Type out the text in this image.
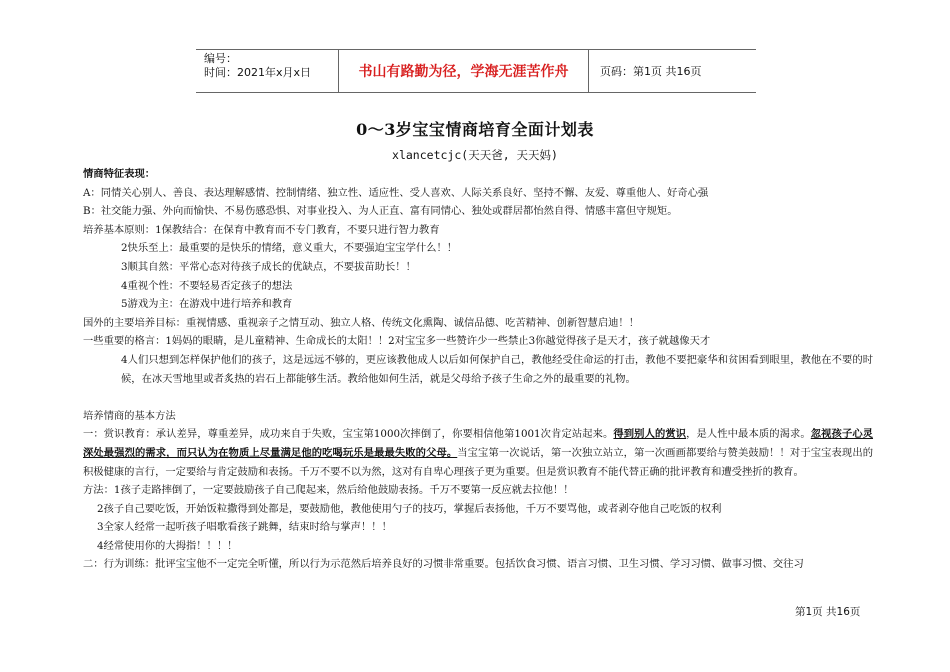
编号：
时间：2021年x月x日	书山有路勤为径，学海无涯苦作舟	页码：第1页 共16页
0～3岁宝宝情商培育全面计划表
xlancetcjc(天天爸, 天天妈)

情商特征表现：

A：同情关心别人、善良、表达理解感情、控制情绪、独立性、适应性、受人喜欢、人际关系良好、坚持不懈、友爱、尊重他人、好奇心强

B：社交能力强、外向而愉快、不易伤感恐惧、对事业投入、为人正直、富有同情心、独处或群居都怡然自得、情感丰富但守规矩。

培养基本原则：1保教结合：在保育中教育而不专门教育，不要只进行智力教育

2快乐至上：最重要的是快乐的情绪，意义重大，不要强迫宝宝学什么！！

3顺其自然：平常心态对待孩子成长的优缺点，不要拔苗助长！！

4重视个性：不要轻易否定孩子的想法

5游戏为主：在游戏中进行培养和教育

国外的主要培养目标：重视情感、重视亲子之情互动、独立人格、传统文化熏陶、诚信品德、吃苦精神、创新智慧启迪！！

一些重要的格言：1妈妈的眼睛，是儿童精神、生命成长的太阳！！2对宝宝多一些赞许少一些禁止3你越觉得孩子是天才，孩子就越像天才

4人们只想到怎样保护他们的孩子，这是远远不够的，更应该教他成人以后如何保护自己，教他经受住命运的打击，教他不要把豪华和贫困看到眼里，教他在不要的时候，在冰天雪地里或者炙热的岩石上都能够生活。教给他如何生活，就是父母给予孩子生命之外的最重要的礼物。

培养情商的基本方法

一：赏识教育：承认差异，尊重差异，成功来自于失败，宝宝第1000次摔倒了，你要相信他第1001次肯定站起来。得到别人的赏识，是人性中最本质的渴求。忽视孩子心灵深处最强烈的需求，而只认为在物质上尽量满足他的吃喝玩乐是最最失败的父母。当宝宝第一次说话，第一次独立站立，第一次画画都要给与赞美鼓励！！对于宝宝表现出的积极健康的言行，一定要给与肯定鼓励和表扬。千万不要不以为然，这对有自卑心理孩子更为重要。但是赏识教育不能代替正确的批评教育和遭受挫折的教育。

方法：1孩子走路摔倒了，一定要鼓励孩子自己爬起来，然后给他鼓励表扬。千万不要第一反应就去拉他！！

2孩子自己要吃饭，开始饭粒撒得到处都是，要鼓励他，教他使用勺子的技巧，掌握后表扬他，千万不要骂他，或者剥夺他自己吃饭的权利

3全家人经常一起听孩子唱歌看孩子跳舞，结束时给与掌声！！！

4经常使用你的大拇指！！！！

二：行为训练：批评宝宝他不一定完全听懂，所以行为示范然后培养良好的习惯非常重要。包括饮食习惯、语言习惯、卫生习惯、学习习惯、做事习惯、交往习

第1页 共16页
